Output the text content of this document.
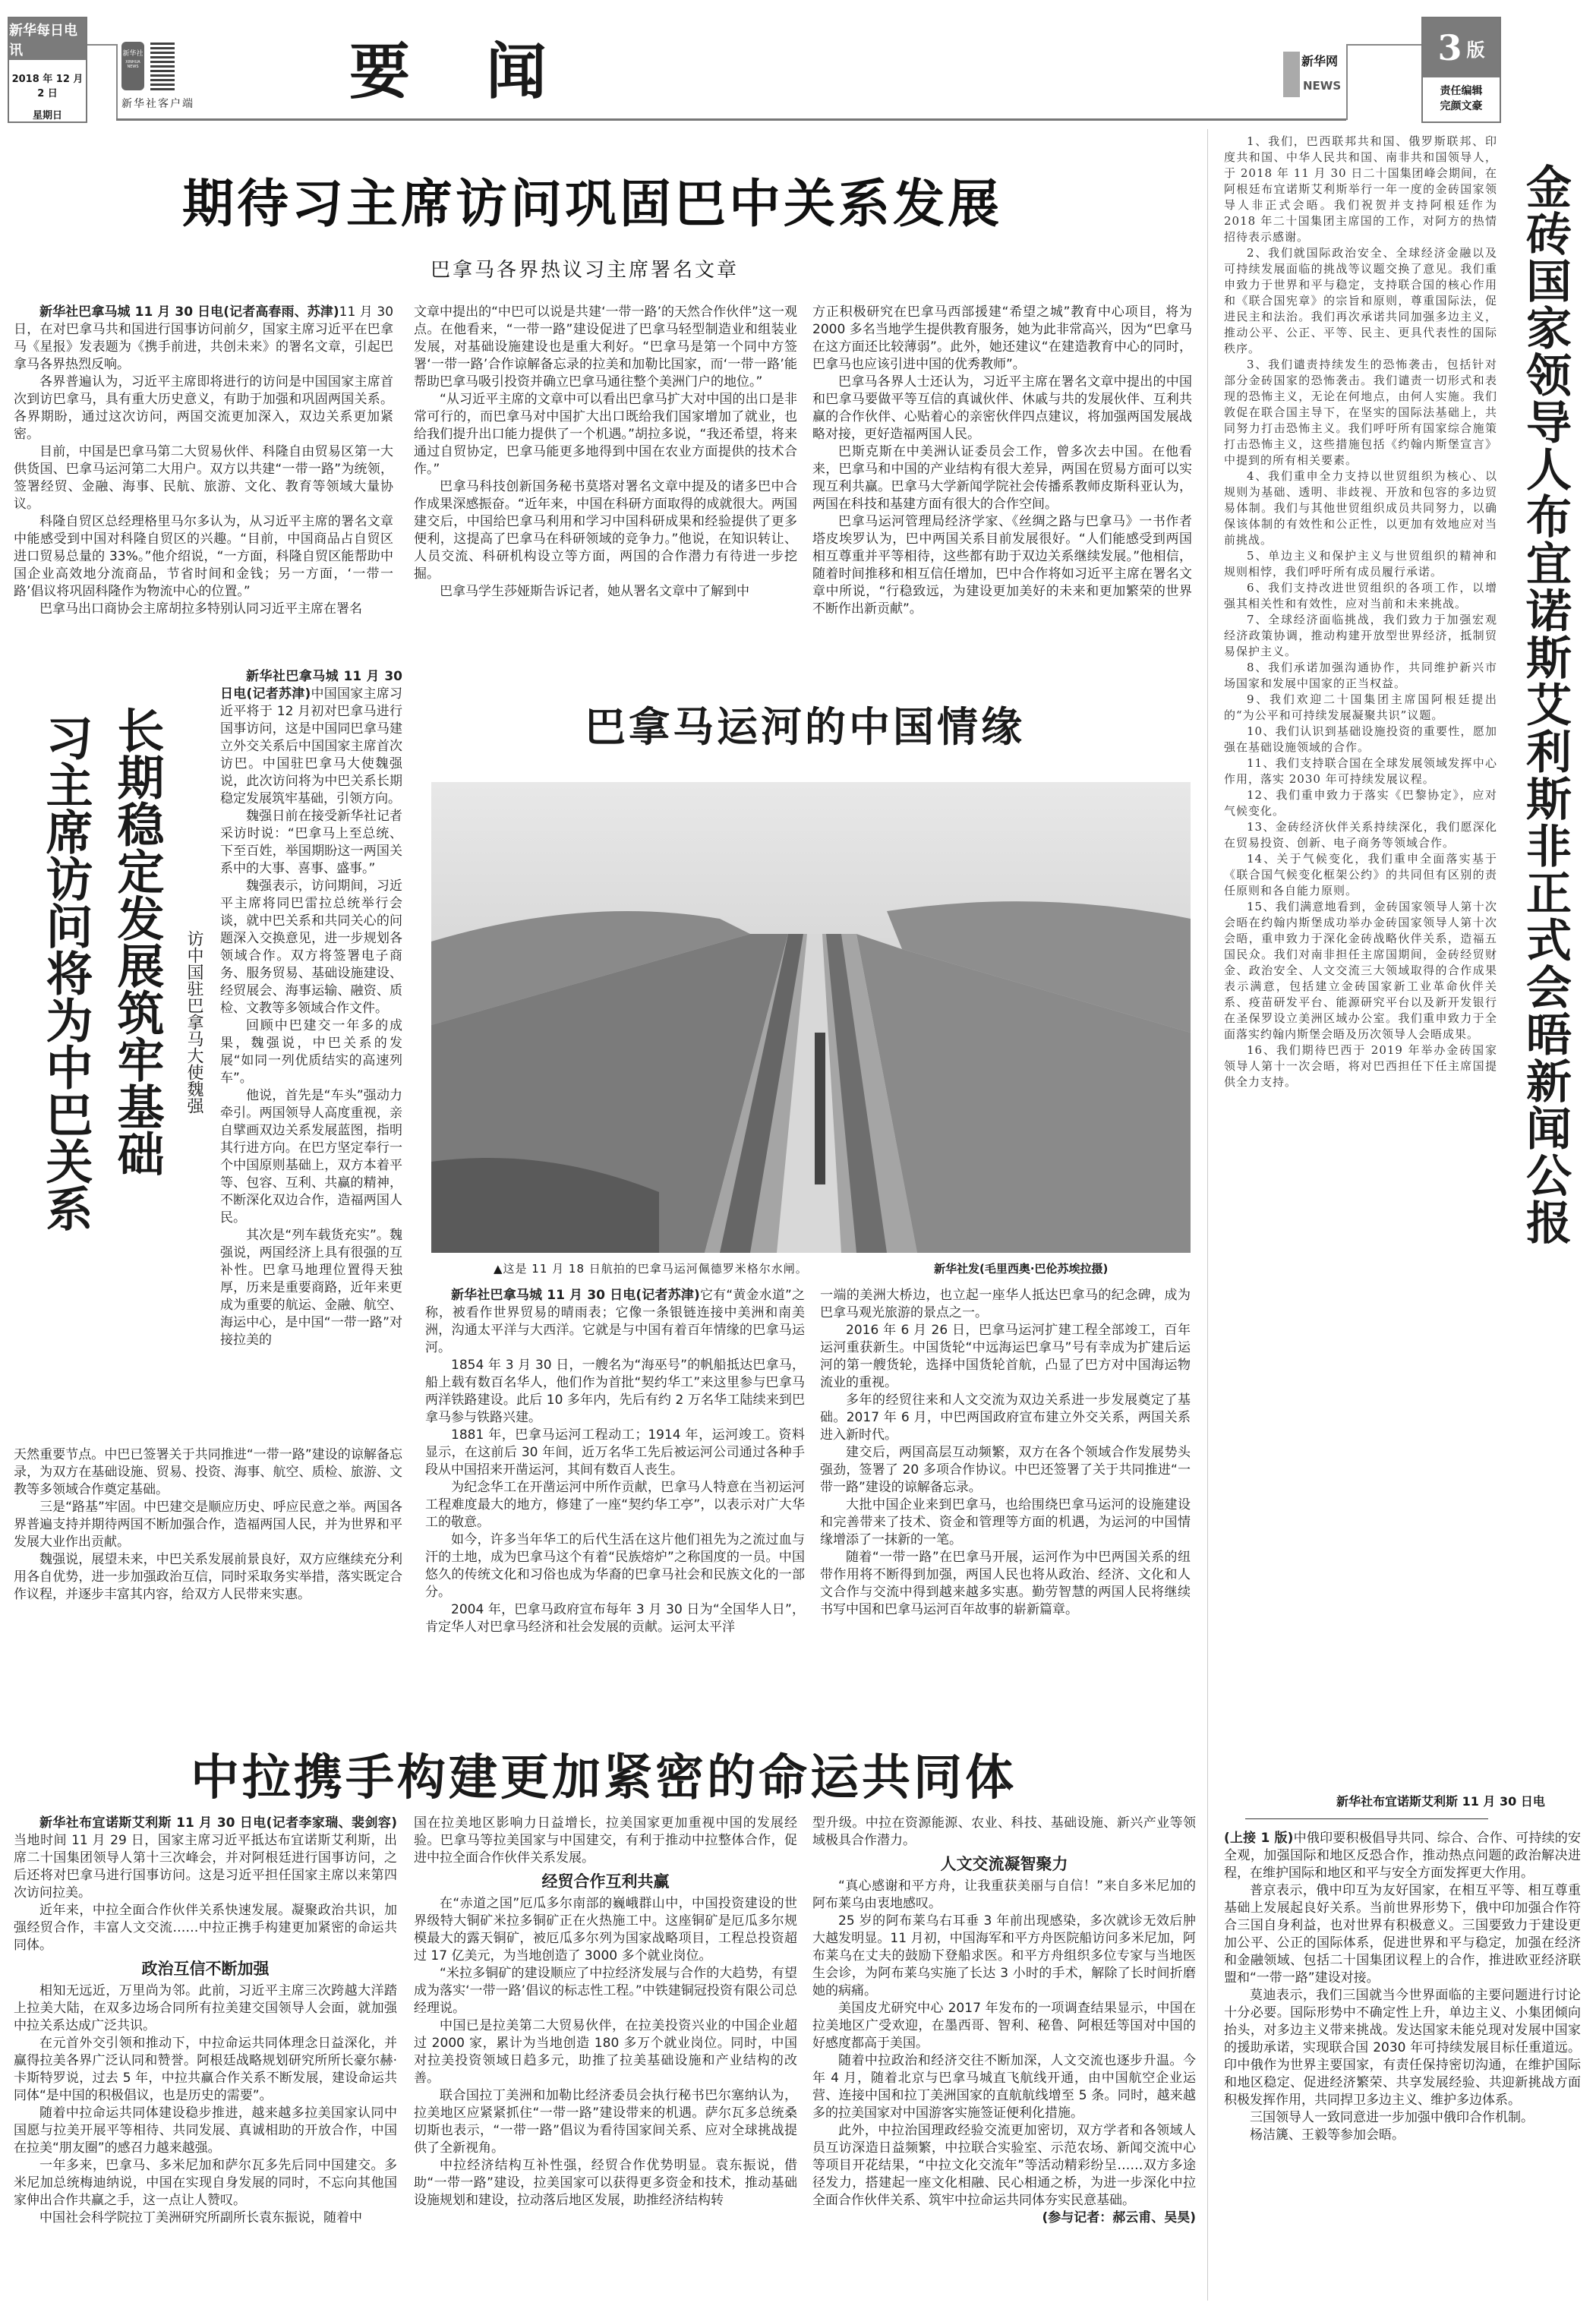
新华每日电讯
2018 年 12 月 2 日
星期日
新华社
XINHUA NEWS
新华社客户端	要闻	新华网
NEWS
3 版
责任编辑
完颜文豪
期待习主席访问巩固巴中关系发展
巴拿马各界热议习主席署名文章

新华社巴拿马城 11 月 30 日电(记者高春雨、苏津)11 月 30 日，在对巴拿马共和国进行国事访问前夕，国家主席习近平在巴拿马《星报》发表题为《携手前进，共创未来》的署名文章，引起巴拿马各界热烈反响。

各界普遍认为，习近平主席即将进行的访问是中国国家主席首次到访巴拿马，具有重大历史意义，有助于加强和巩固两国关系。各界期盼，通过这次访问，两国交流更加深入，双边关系更加紧密。

目前，中国是巴拿马第二大贸易伙伴、科隆自由贸易区第一大供货国、巴拿马运河第二大用户。双方以共建“一带一路”为统领，签署经贸、金融、海事、民航、旅游、文化、教育等领域大量协议。

科隆自贸区总经理格里马尔多认为，从习近平主席的署名文章中能感受到中国对科隆自贸区的兴趣。“目前，中国商品占自贸区进口贸易总量的 33%。”他介绍说，“一方面，科隆自贸区能帮助中国企业高效地分流商品，节省时间和金钱；另一方面，‘一带一路’倡议将巩固科隆作为物流中心的位置。”

巴拿马出口商协会主席胡拉多特别认同习近平主席在署名

文章中提出的“中巴可以说是共建‘一带一路’的天然合作伙伴”这一观点。在他看来，“一带一路”建设促进了巴拿马轻型制造业和组装业发展，对基础设施建设也是重大利好。“巴拿马是第一个同中方签署‘一带一路’合作谅解备忘录的拉美和加勒比国家，而‘一带一路’能帮助巴拿马吸引投资并确立巴拿马通往整个美洲门户的地位。”

“从习近平主席的文章中可以看出巴拿马扩大对中国的出口是非常可行的，而巴拿马对中国扩大出口既给我们国家增加了就业，也给我们提升出口能力提供了一个机遇。”胡拉多说，“我还希望，将来通过自贸协定，巴拿马能更多地得到中国在农业方面提供的技术合作。”

巴拿马科技创新国务秘书莫塔对署名文章中提及的诸多巴中合作成果深感振奋。“近年来，中国在科研方面取得的成就很大。两国建交后，中国给巴拿马利用和学习中国科研成果和经验提供了更多便利，这提高了巴拿马在科研领域的竞争力。”他说，在知识转让、人员交流、科研机构设立等方面，两国的合作潜力有待进一步挖掘。

巴拿马学生莎娅斯告诉记者，她从署名文章中了解到中

方正积极研究在巴拿马西部援建“希望之城”教育中心项目，将为 2000 多名当地学生提供教育服务，她为此非常高兴，因为“巴拿马在这方面还比较薄弱”。此外，她还建议“在建造教育中心的同时，巴拿马也应该引进中国的优秀教师”。

巴拿马各界人士还认为，习近平主席在署名文章中提出的中国和巴拿马要做平等互信的真诚伙伴、休戚与共的发展伙伴、互利共赢的合作伙伴、心贴着心的亲密伙伴四点建议，将加强两国发展战略对接，更好造福两国人民。

巴斯克斯在中美洲认证委员会工作，曾多次去中国。在他看来，巴拿马和中国的产业结构有很大差异，两国在贸易方面可以实现互利共赢。巴拿马大学新闻学院社会传播系教师皮斯科亚认为，两国在科技和基建方面有很大的合作空间。

巴拿马运河管理局经济学家、《丝绸之路与巴拿马》一书作者塔皮埃罗认为，巴中两国关系目前发展很好。“人们能感受到两国相互尊重并平等相待，这些都有助于双边关系继续发展。”他相信，随着时间推移和相互信任增加，巴中合作将如习近平主席在署名文章中所说，“行稳致远，为建设更加美好的未来和更加繁荣的世界不断作出新贡献”。

长期稳定发展筑牢基础
习主席访问将为中巴关系	访中国驻巴拿马大使魏强

新华社巴拿马城 11 月 30 日电(记者苏津)中国国家主席习近平将于 12 月初对巴拿马进行国事访问，这是中国同巴拿马建立外交关系后中国国家主席首次访巴。中国驻巴拿马大使魏强说，此次访问将为中巴关系长期稳定发展筑牢基础，引领方向。

魏强日前在接受新华社记者采访时说：“巴拿马上至总统、下至百姓，举国期盼这一两国关系中的大事、喜事、盛事。”

魏强表示，访问期间，习近平主席将同巴雷拉总统举行会谈，就中巴关系和共同关心的问题深入交换意见，进一步规划各领域合作。双方将签署电子商务、服务贸易、基础设施建设、经贸展会、海事运输、融资、质检、文教等多领域合作文件。

回顾中巴建交一年多的成果，魏强说，中巴关系的发展“如同一列优质结实的高速列车”。

他说，首先是“车头”强动力牵引。两国领导人高度重视，亲自擘画双边关系发展蓝图，指明其行进方向。在巴方坚定奉行一个中国原则基础上，双方本着平等、包容、互利、共赢的精神，不断深化双边合作，造福两国人民。

其次是“列车载货充实”。魏强说，两国经济上具有很强的互补性。巴拿马地理位置得天独厚，历来是重要商路，近年来更成为重要的航运、金融、航空、海运中心，是中国“一带一路”对接拉美的

天然重要节点。中巴已签署关于共同推进“一带一路”建设的谅解备忘录，为双方在基础设施、贸易、投资、海事、航空、质检、旅游、文教等多领域合作奠定基础。

三是“路基”牢固。中巴建交是顺应历史、呼应民意之举。两国各界普遍支持并期待两国不断加强合作，造福两国人民，并为世界和平发展大业作出贡献。

魏强说，展望未来，中巴关系发展前景良好，双方应继续充分利用各自优势，进一步加强政治互信，同时采取务实举措，落实既定合作议程，并逐步丰富其内容，给双方人民带来实惠。

巴拿马运河的中国情缘
▲这是 11 月 18 日航拍的巴拿马运河佩德罗米格尔水闸。	新华社发(毛里西奥·巴伦苏埃拉摄)

新华社巴拿马城 11 月 30 日电(记者苏津)它有“黄金水道”之称，被看作世界贸易的晴雨表；它像一条银链连接中美洲和南美洲，沟通太平洋与大西洋。它就是与中国有着百年情缘的巴拿马运河。

1854 年 3 月 30 日，一艘名为“海巫号”的帆船抵达巴拿马，船上载有数百名华人，他们作为首批“契约华工”来这里参与巴拿马两洋铁路建设。此后 10 多年内，先后有约 2 万名华工陆续来到巴拿马参与铁路兴建。

1881 年，巴拿马运河工程动工；1914 年，运河竣工。资料显示，在这前后 30 年间，近万名华工先后被运河公司通过各种手段从中国招来开凿运河，其间有数百人丧生。

为纪念华工在开凿运河中所作贡献，巴拿马人特意在当初运河工程难度最大的地方，修建了一座“契约华工亭”，以表示对广大华工的敬意。

如今，许多当年华工的后代生活在这片他们祖先为之流过血与汗的土地，成为巴拿马这个有着“民族熔炉”之称国度的一员。中国悠久的传统文化和习俗也成为华裔的巴拿马社会和民族文化的一部分。

2004 年，巴拿马政府宣布每年 3 月 30 日为“全国华人日”，肯定华人对巴拿马经济和社会发展的贡献。运河太平洋

一端的美洲大桥边，也立起一座华人抵达巴拿马的纪念碑，成为巴拿马观光旅游的景点之一。

2016 年 6 月 26 日，巴拿马运河扩建工程全部竣工，百年运河重获新生。中国货轮“中远海运巴拿马”号有幸成为扩建后运河的第一艘货轮，选择中国货轮首航，凸显了巴方对中国海运物流业的重视。

多年的经贸往来和人文交流为双边关系进一步发展奠定了基础。2017 年 6 月，中巴两国政府宣布建立外交关系，两国关系进入新时代。

建交后，两国高层互动频繁，双方在各个领域合作发展势头强劲，签署了 20 多项合作协议。中巴还签署了关于共同推进“一带一路”建设的谅解备忘录。

大批中国企业来到巴拿马，也给围绕巴拿马运河的设施建设和完善带来了技术、资金和管理等方面的机遇，为运河的中国情缘增添了一抹新的一笔。

随着“一带一路”在巴拿马开展，运河作为中巴两国关系的纽带作用将不断得到加强，两国人民也将从政治、经济、文化和人文合作与交流中得到越来越多实惠。勤劳智慧的两国人民将继续书写中国和巴拿马运河百年故事的崭新篇章。

金砖国家领导人布宜诺斯艾利斯非正式会晤新闻公报

1、我们，巴西联邦共和国、俄罗斯联邦、印度共和国、中华人民共和国、南非共和国领导人，于 2018 年 11 月 30 日二十国集团峰会期间，在阿根廷布宜诺斯艾利斯举行一年一度的金砖国家领导人非正式会晤。我们祝贺并支持阿根廷作为 2018 年二十国集团主席国的工作，对阿方的热情招待表示感谢。

2、我们就国际政治安全、全球经济金融以及可持续发展面临的挑战等议题交换了意见。我们重申致力于世界和平与稳定，支持联合国的核心作用和《联合国宪章》的宗旨和原则，尊重国际法，促进民主和法治。我们再次承诺共同加强多边主义，推动公平、公正、平等、民主、更具代表性的国际秩序。

3、我们谴责持续发生的恐怖袭击，包括针对部分金砖国家的恐怖袭击。我们谴责一切形式和表现的恐怖主义，无论在何地点，由何人实施。我们敦促在联合国主导下，在坚实的国际法基础上，共同努力打击恐怖主义。我们呼吁所有国家综合施策打击恐怖主义，这些措施包括《约翰内斯堡宣言》中提到的所有相关要素。

4、我们重申全力支持以世贸组织为核心、以规则为基础、透明、非歧视、开放和包容的多边贸易体制。我们与其他世贸组织成员共同努力，以确保该体制的有效性和公正性，以更加有效地应对当前挑战。

5、单边主义和保护主义与世贸组织的精神和规则相悖，我们呼吁所有成员履行承诺。

6、我们支持改进世贸组织的各项工作，以增强其相关性和有效性，应对当前和未来挑战。

7、全球经济面临挑战，我们致力于加强宏观经济政策协调，推动构建开放型世界经济，抵制贸易保护主义。

8、我们承诺加强沟通协作，共同维护新兴市场国家和发展中国家的正当权益。

9、我们欢迎二十国集团主席国阿根廷提出的“为公平和可持续发展凝聚共识”议题。

10、我们认识到基础设施投资的重要性，愿加强在基础设施领域的合作。

11、我们支持联合国在全球发展领域发挥中心作用，落实 2030 年可持续发展议程。

12、我们重申致力于落实《巴黎协定》，应对气候变化。

13、金砖经济伙伴关系持续深化，我们愿深化在贸易投资、创新、电子商务等领域合作。

14、关于气候变化，我们重申全面落实基于《联合国气候变化框架公约》的共同但有区别的责任原则和各自能力原则。

15、我们满意地看到，金砖国家领导人第十次会晤在约翰内斯堡成功举办金砖国家领导人第十次会晤，重申致力于深化金砖战略伙伴关系，造福五国民众。我们对南非担任主席国期间，金砖经贸财金、政治安全、人文交流三大领域取得的合作成果表示满意，包括建立金砖国家新工业革命伙伴关系、疫苗研发平台、能源研究平台以及新开发银行在圣保罗设立美洲区域办公室。我们重申致力于全面落实约翰内斯堡会晤及历次领导人会晤成果。

16、我们期待巴西于 2019 年举办金砖国家领导人第十一次会晤，将对巴西担任下任主席国提供全力支持。

新华社布宜诺斯艾利斯 11 月 30 日电

(上接 1 版)中俄印要积极倡导共同、综合、合作、可持续的安全观，加强国际和地区反恐合作，推动热点问题的政治解决进程，在维护国际和地区和平与安全方面发挥更大作用。

普京表示，俄中印互为友好国家，在相互平等、相互尊重基础上发展起良好关系。当前世界形势下，俄中印加强合作符合三国自身利益，也对世界有积极意义。三国要致力于建设更加公平、公正的国际体系，促进世界和平与稳定，加强在经济和金融领域、包括二十国集团议程上的合作，推进欧亚经济联盟和“一带一路”建设对接。

莫迪表示，我们三国就当今世界面临的主要问题进行讨论十分必要。国际形势中不确定性上升，单边主义、小集团倾向抬头，对多边主义带来挑战。发达国家未能兑现对发展中国家的援助承诺，实现联合国 2030 年可持续发展目标任重道远。印中俄作为世界主要国家，有责任保持密切沟通，在维护国际和地区稳定、促进经济繁荣、共享发展经验、共迎新挑战方面积极发挥作用，共同捍卫多边主义、维护多边体系。

三国领导人一致同意进一步加强中俄印合作机制。

杨洁篪、王毅等参加会晤。

中拉携手构建更加紧密的命运共同体

新华社布宜诺斯艾利斯 11 月 30 日电(记者李家瑞、裴剑容)当地时间 11 月 29 日，国家主席习近平抵达布宜诺斯艾利斯，出席二十国集团领导人第十三次峰会，并对阿根廷进行国事访问，之后还将对巴拿马进行国事访问。这是习近平担任国家主席以来第四次访问拉美。

近年来，中拉全面合作伙伴关系快速发展。凝聚政治共识，加强经贸合作，丰富人文交流……中拉正携手构建更加紧密的命运共同体。

政治互信不断加强

相知无远近，万里尚为邻。此前，习近平主席三次跨越大洋踏上拉美大陆，在双多边场合同所有拉美建交国领导人会面，就加强中拉关系达成广泛共识。

在元首外交引领和推动下，中拉命运共同体理念日益深化，并赢得拉美各界广泛认同和赞誉。阿根廷战略规划研究所所长豪尔赫·卡斯特罗说，过去 5 年，中拉共赢合作关系不断发展，建设命运共同体“是中国的积极倡议，也是历史的需要”。

随着中拉命运共同体建设稳步推进，越来越多拉美国家认同中国愿与拉美开展平等相待、共同发展、真诚相助的开放合作，中国在拉美“朋友圈”的感召力越来越强。

一年多来，巴拿马、多米尼加和萨尔瓦多先后同中国建交。多米尼加总统梅迪纳说，中国在实现自身发展的同时，不忘向其他国家伸出合作共赢之手，这一点让人赞叹。

中国社会科学院拉丁美洲研究所副所长袁东振说，随着中

国在拉美地区影响力日益增长，拉美国家更加重视中国的发展经验。巴拿马等拉美国家与中国建交，有利于推动中拉整体合作，促进中拉全面合作伙伴关系发展。

经贸合作互利共赢

在“赤道之国”厄瓜多尔南部的巍峨群山中，中国投资建设的世界级特大铜矿米拉多铜矿正在火热施工中。这座铜矿是厄瓜多尔规模最大的露天铜矿，被厄瓜多尔列为国家战略项目，工程总投资超过 17 亿美元，为当地创造了 3000 多个就业岗位。

“米拉多铜矿的建设顺应了中拉经济发展与合作的大趋势，有望成为落实‘一带一路’倡议的标志性工程。”中铁建铜冠投资有限公司总经理说。

中国已是拉美第二大贸易伙伴，在拉美投资兴业的中国企业超过 2000 家，累计为当地创造 180 多万个就业岗位。同时，中国对拉美投资领域日趋多元，助推了拉美基础设施和产业结构的改善。

联合国拉丁美洲和加勒比经济委员会执行秘书巴尔塞纳认为，拉美地区应紧紧抓住“一带一路”建设带来的机遇。萨尔瓦多总统桑切斯也表示，“一带一路”倡议为看待国家间关系、应对全球挑战提供了全新视角。

中拉经济结构互补性强，经贸合作优势明显。袁东振说，借助“一带一路”建设，拉美国家可以获得更多资金和技术，推动基础设施规划和建设，拉动落后地区发展，助推经济结构转

型升级。中拉在资源能源、农业、科技、基础设施、新兴产业等领域极具合作潜力。

人文交流凝智聚力

“真心感谢和平方舟，让我重获美丽与自信！”来自多米尼加的阿布莱乌由衷地感叹。

25 岁的阿布莱乌右耳垂 3 年前出现感染，多次就诊无效后肿大越发明显。11 月初，中国海军和平方舟医院船访问多米尼加，阿布莱乌在丈夫的鼓励下登船求医。和平方舟组织多位专家与当地医生会诊，为阿布莱乌实施了长达 3 小时的手术，解除了长时间折磨她的病痛。

美国皮尤研究中心 2017 年发布的一项调查结果显示，中国在拉美地区广受欢迎，在墨西哥、智利、秘鲁、阿根廷等国对中国的好感度都高于美国。

随着中拉政治和经济交往不断加深，人文交流也逐步升温。今年 4 月，随着北京与巴拿马城直飞航线开通，由中国航空企业运营、连接中国和拉丁美洲国家的直航航线增至 5 条。同时，越来越多的拉美国家对中国游客实施签证便利化措施。

此外，中拉治国理政经验交流更加密切，双方学者和各领域人员互访深造日益频繁，中拉联合实验室、示范农场、新闻交流中心等项目开花结果，“中拉文化交流年”等活动精彩纷呈……双方多途径发力，搭建起一座文化相融、民心相通之桥，为进一步深化中拉全面合作伙伴关系、筑牢中拉命运共同体夯实民意基础。

(参与记者：郝云甫、吴昊)
